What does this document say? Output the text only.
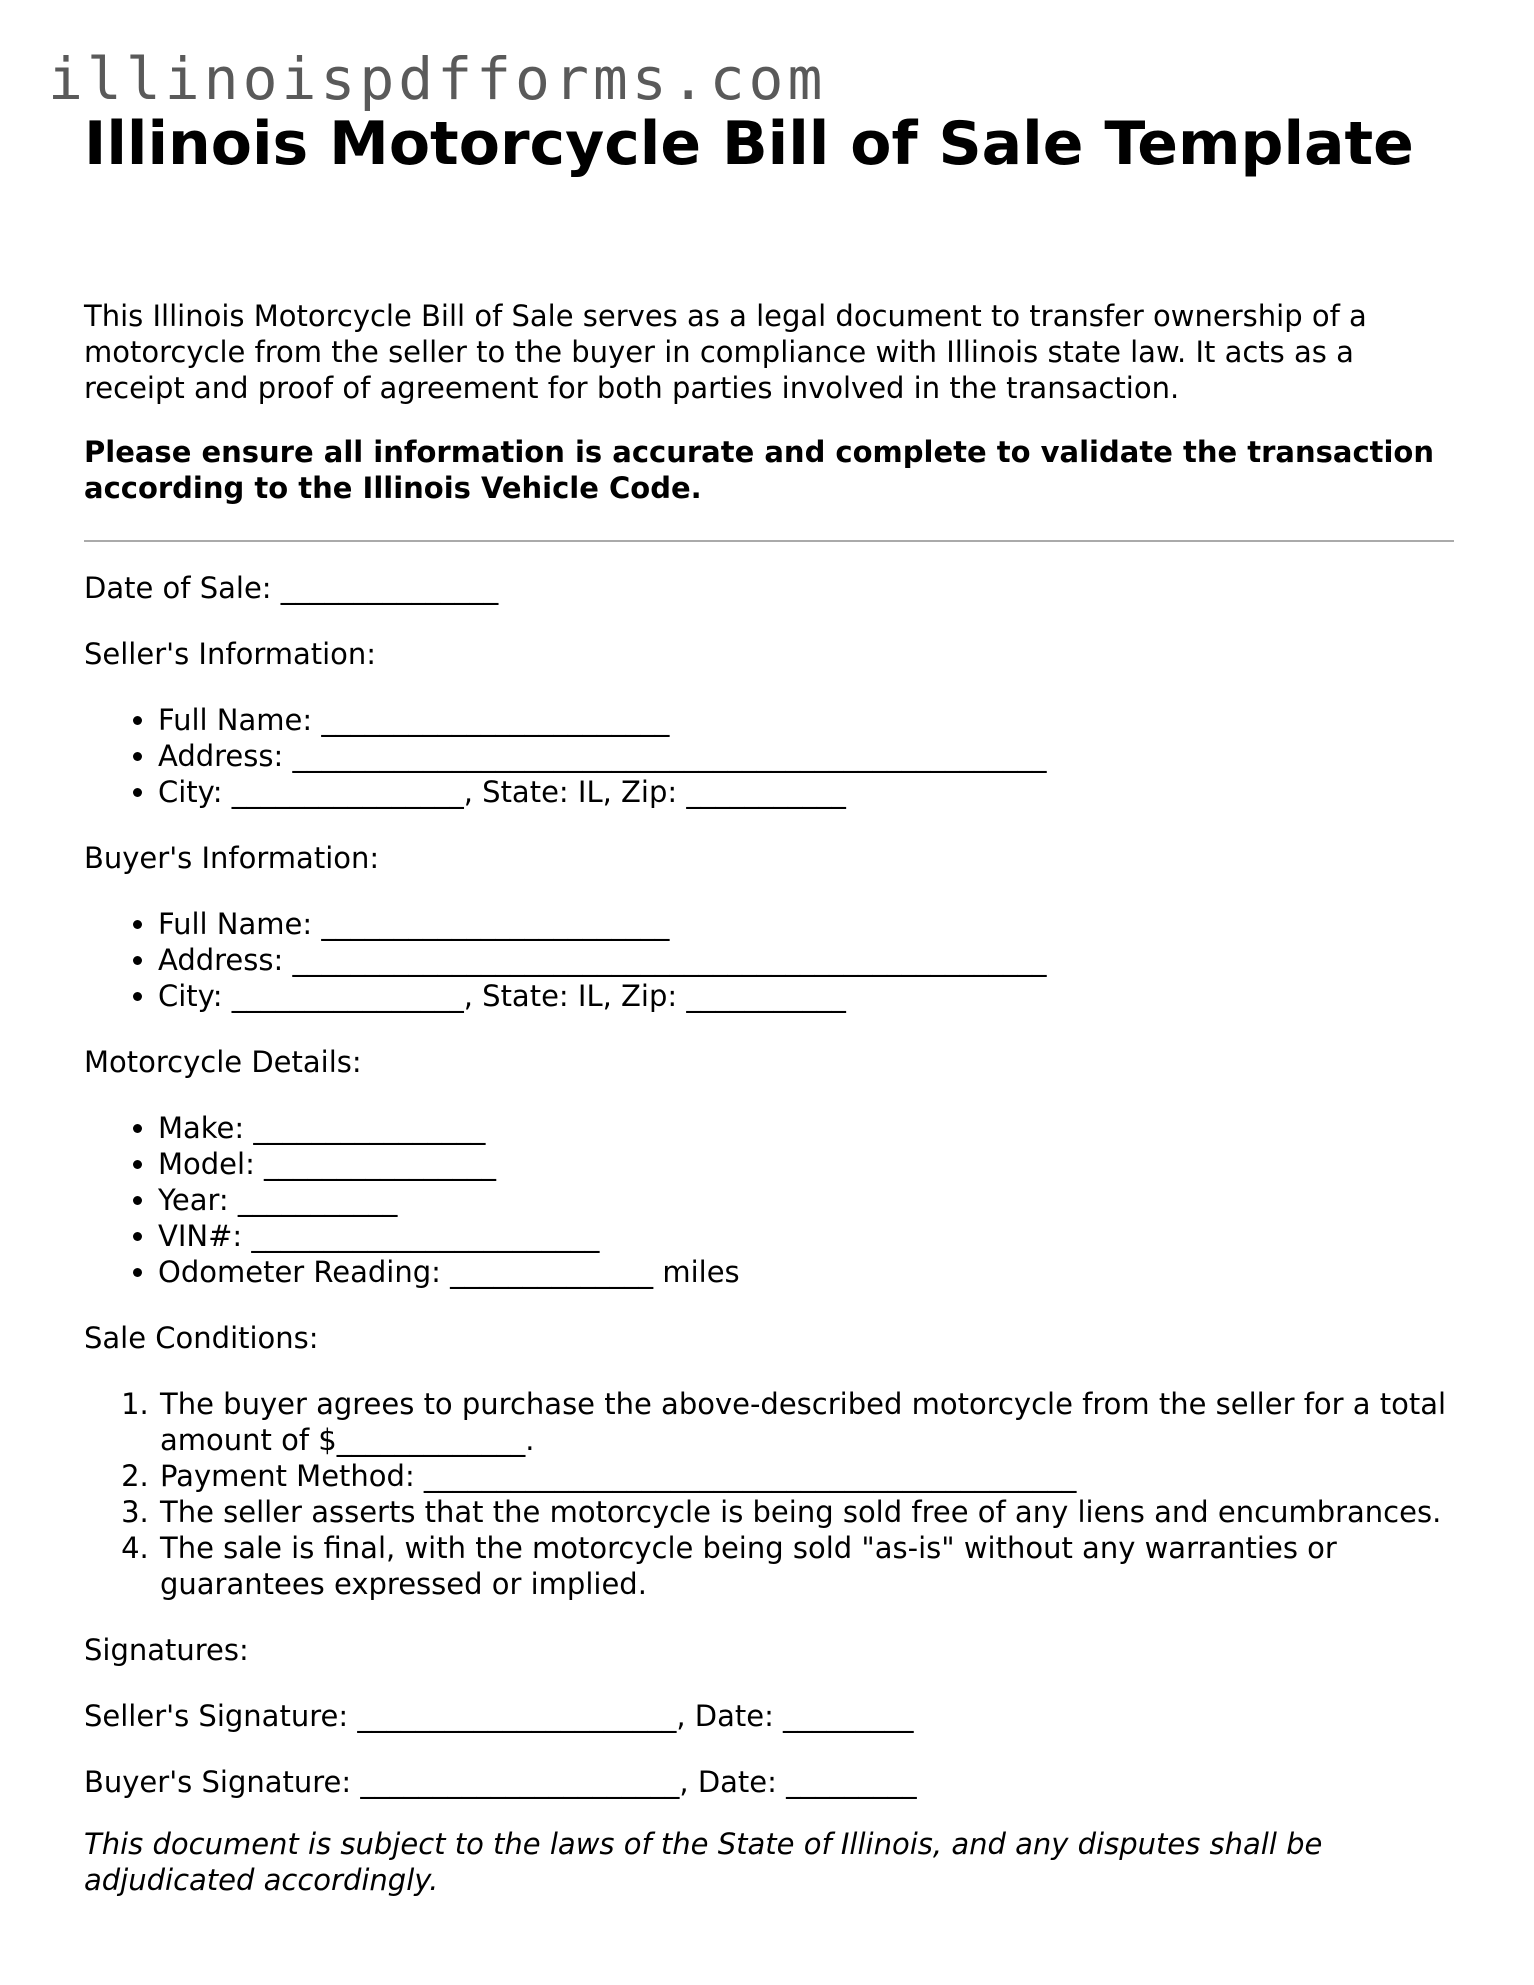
illinoispdfforms.com
Illinois Motorcycle Bill of Sale Template

This Illinois Motorcycle Bill of Sale serves as a legal document to transfer ownership of a motorcycle from the seller to the buyer in compliance with Illinois state law. It acts as a receipt and proof of agreement for both parties involved in the transaction.

Please ensure all information is accurate and complete to validate the transaction according to the Illinois Vehicle Code.

Date of Sale: _______________

Seller's Information:

• Full Name: ________________________
• Address: ____________________________________________________
• City: ________________, State: IL, Zip: ___________

Buyer's Information:

• Full Name: ________________________
• Address: ____________________________________________________
• City: ________________, State: IL, Zip: ___________

Motorcycle Details:

• Make: ________________
• Model: ________________
• Year: ___________
• VIN#: ________________________
• Odometer Reading: ______________ miles

Sale Conditions:

1. The buyer agrees to purchase the above-described motorcycle from the seller for a total amount of $_____________.
2. Payment Method: _____________________________________________
3. The seller asserts that the motorcycle is being sold free of any liens and encumbrances.
4. The sale is final, with the motorcycle being sold "as-is" without any warranties or guarantees expressed or implied.

Signatures:

Seller's Signature: ______________________, Date: _________

Buyer's Signature: ______________________, Date: _________

This document is subject to the laws of the State of Illinois, and any disputes shall be adjudicated accordingly.
